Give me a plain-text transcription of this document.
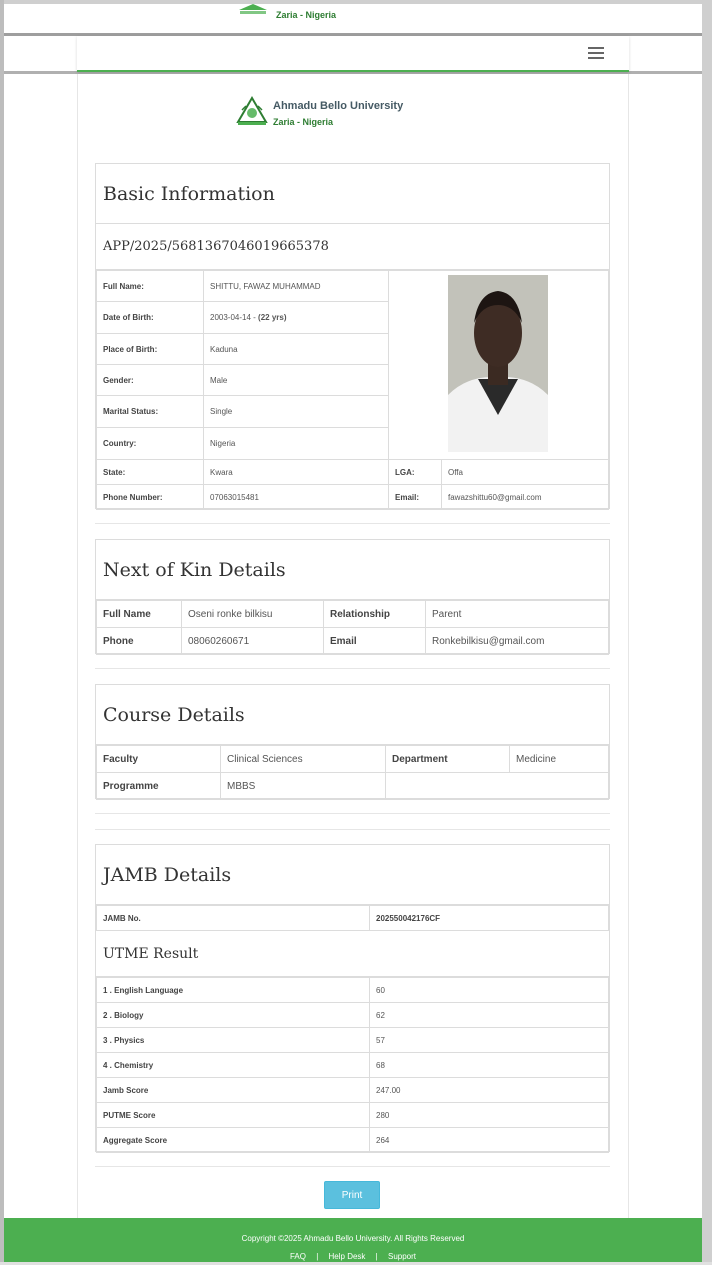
Zaria - Nigeria
Ahmadu Bello University
Zaria - Nigeria
Basic Information
APP/2025/5681367046019665378
Full Name:	SHITTU, FAWAZ MUHAMMAD		
Date of Birth:	2003-04-14 - (22 yrs)		
Place of Birth:	Kaduna		
Gender:	Male		
Marital Status:	Single		
Country:	Nigeria		
State:	Kwara	LGA:	Offa
Phone Number:	07063015481	Email:	fawazshittu60@gmail.com
Next of Kin Details
Full Name	Oseni ronke bilkisu	Relationship	Parent
Phone	08060260671	Email	Ronkebilkisu@gmail.com
Course Details
Faculty	Clinical Sciences	Department	Medicine
Programme	MBBS		
JAMB Details
JAMB No.	202550042176CF
UTME Result
1 . English Language	60
2 . Biology	62
3 . Physics	57
4 . Chemistry	68
Jamb Score	247.00
PUTME Score	280
Aggregate Score	264
Print
Copyright ©2025 Ahmadu Bello University. All Rights Reserved
FAQ | Help Desk | Support
